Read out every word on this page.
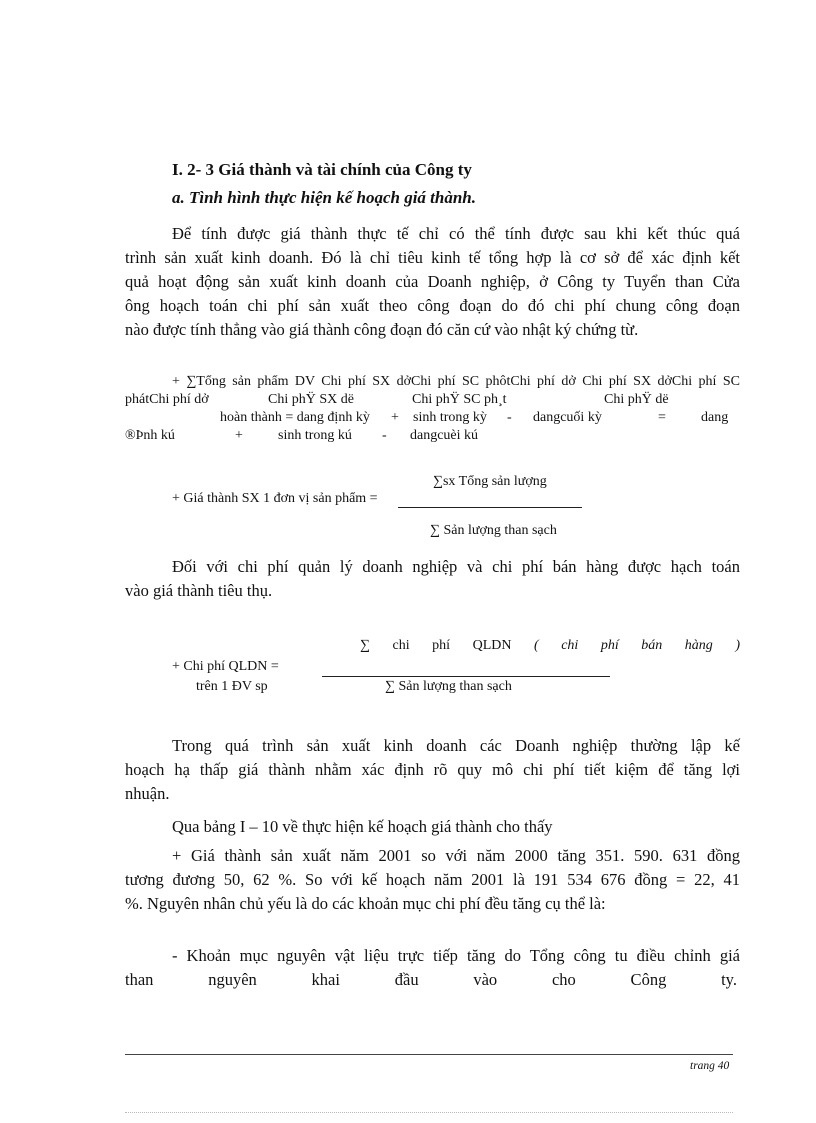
I. 2- 3 Giá thành và tài chính của Công ty
a. Tình hình thực hiện kế hoạch giá thành.
Để tính được giá thành thực tế chỉ có thể tính được sau khi kết thúc quá
trình sản xuất kinh doanh. Đó là chỉ tiêu kinh tế tổng hợp là cơ sở để xác định kết
quả hoạt động sản xuất kinh doanh của Doanh nghiệp, ở Công ty Tuyển than Cửa
ông hoạch toán chi phí sản xuất theo công đoạn do đó chi phí chung công đoạn
nào được tính thẳng vào giá thành công đoạn đó căn cứ vào nhật ký chứng từ.
+ ∑Tổng sản phẩm DV Chi phí SX dởChi phí SC phôtChi phí dở Chi phí SX dởChi phí SC
phátChi phí dở	Chi phŸ SX dë	Chi phŸ SC ph¸t	Chi phŸ dë
hoàn thành = dang định kỳ + sinh trong kỳ - dangcuối kỳ	=	dang
®Þnh kú	+	sinh trong kú - dangcuèi kú
∑sx Tổng sản lượng
+ Giá thành SX 1 đơn vị sản phẩm =
∑ Sản lượng than sạch
Đối với chi phí quản lý doanh nghiệp và chi phí bán hàng được hạch toán
vào giá thành tiêu thụ.
∑ chi phí QLDN ( chi phí bán hàng )
+ Chi phí QLDN =
trên 1 ĐV sp	∑ Sản lượng than sạch
Trong quá trình sản xuất kinh doanh các Doanh nghiệp thường lập kế
hoạch hạ thấp giá thành nhằm xác định rõ quy mô chi phí tiết kiệm để tăng lợi
nhuận.
Qua bảng I – 10 về thực hiện kế hoạch giá thành cho thấy
+ Giá thành sản xuất năm 2001 so với năm 2000 tăng 351. 590. 631 đồng
tương đương 50, 62 %. So với kế hoạch năm 2001 là 191 534 676 đồng = 22, 41
%. Nguyên nhân chủ yếu là do các khoản mục chi phí đều tăng cụ thể là:
- Khoản mục nguyên vật liệu trực tiếp tăng do Tổng công tu điều chỉnh giá
than nguyên khai đầu vào cho Công ty.
trang 40
